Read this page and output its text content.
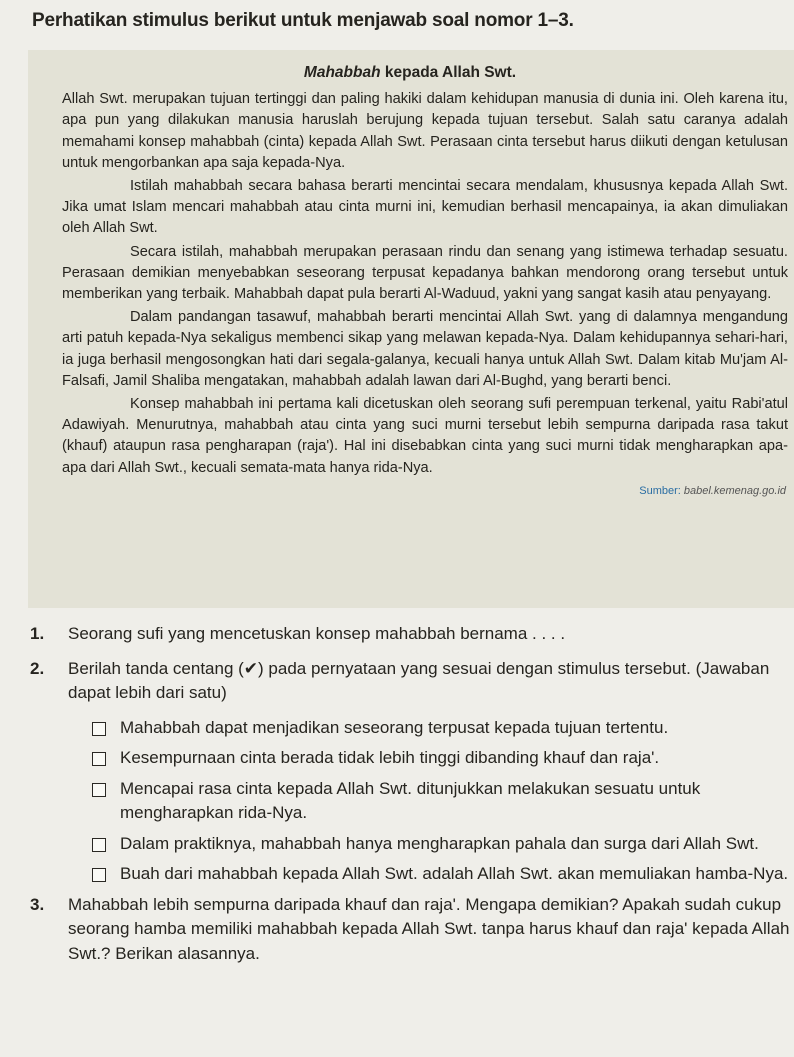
Perhatikan stimulus berikut untuk menjawab soal nomor 1–3.
Mahabbah kepada Allah Swt.

Allah Swt. merupakan tujuan tertinggi dan paling hakiki dalam kehidupan manusia di dunia ini. Oleh karena itu, apa pun yang dilakukan manusia haruslah berujung kepada tujuan tersebut. Salah satu caranya adalah memahami konsep mahabbah (cinta) kepada Allah Swt. Perasaan cinta tersebut harus diikuti dengan ketulusan untuk mengorbankan apa saja kepada-Nya.

Istilah mahabbah secara bahasa berarti mencintai secara mendalam, khususnya kepada Allah Swt. Jika umat Islam mencari mahabbah atau cinta murni ini, kemudian berhasil mencapainya, ia akan dimuliakan oleh Allah Swt.

Secara istilah, mahabbah merupakan perasaan rindu dan senang yang istimewa terhadap sesuatu. Perasaan demikian menyebabkan seseorang terpusat kepadanya bahkan mendorong orang tersebut untuk memberikan yang terbaik. Mahabbah dapat pula berarti Al-Waduud, yakni yang sangat kasih atau penyayang.

Dalam pandangan tasawuf, mahabbah berarti mencintai Allah Swt. yang di dalamnya mengandung arti patuh kepada-Nya sekaligus membenci sikap yang melawan kepada-Nya. Dalam kehidupannya sehari-hari, ia juga berhasil mengosongkan hati dari segala-galanya, kecuali hanya untuk Allah Swt. Dalam kitab Mu'jam Al-Falsafi, Jamil Shaliba mengatakan, mahabbah adalah lawan dari Al-Bughd, yang berarti benci.

Konsep mahabbah ini pertama kali dicetuskan oleh seorang sufi perempuan terkenal, yaitu Rabi'atul Adawiyah. Menurutnya, mahabbah atau cinta yang suci murni tersebut lebih sempurna daripada rasa takut (khauf) ataupun rasa pengharapan (raja'). Hal ini disebabkan cinta yang suci murni tidak mengharapkan apa-apa dari Allah Swt., kecuali semata-mata hanya rida-Nya.

Sumber: babel.kemenag.go.id
1.	Seorang sufi yang mencetuskan konsep mahabbah bernama . . . .
2.	Berilah tanda centang (✔) pada pernyataan yang sesuai dengan stimulus tersebut. (Jawaban dapat lebih dari satu)
Mahabbah dapat menjadikan seseorang terpusat kepada tujuan tertentu.
Kesempurnaan cinta berada tidak lebih tinggi dibanding khauf dan raja'.
Mencapai rasa cinta kepada Allah Swt. ditunjukkan melakukan sesuatu untuk mengharapkan rida-Nya.
Dalam praktiknya, mahabbah hanya mengharapkan pahala dan surga dari Allah Swt.
Buah dari mahabbah kepada Allah Swt. adalah Allah Swt. akan memuliakan hamba-Nya.
3.	Mahabbah lebih sempurna daripada khauf dan raja'. Mengapa demikian? Apakah sudah cukup seorang hamba memiliki mahabbah kepada Allah Swt. tanpa harus khauf dan raja' kepada Allah Swt.? Berikan alasannya.
